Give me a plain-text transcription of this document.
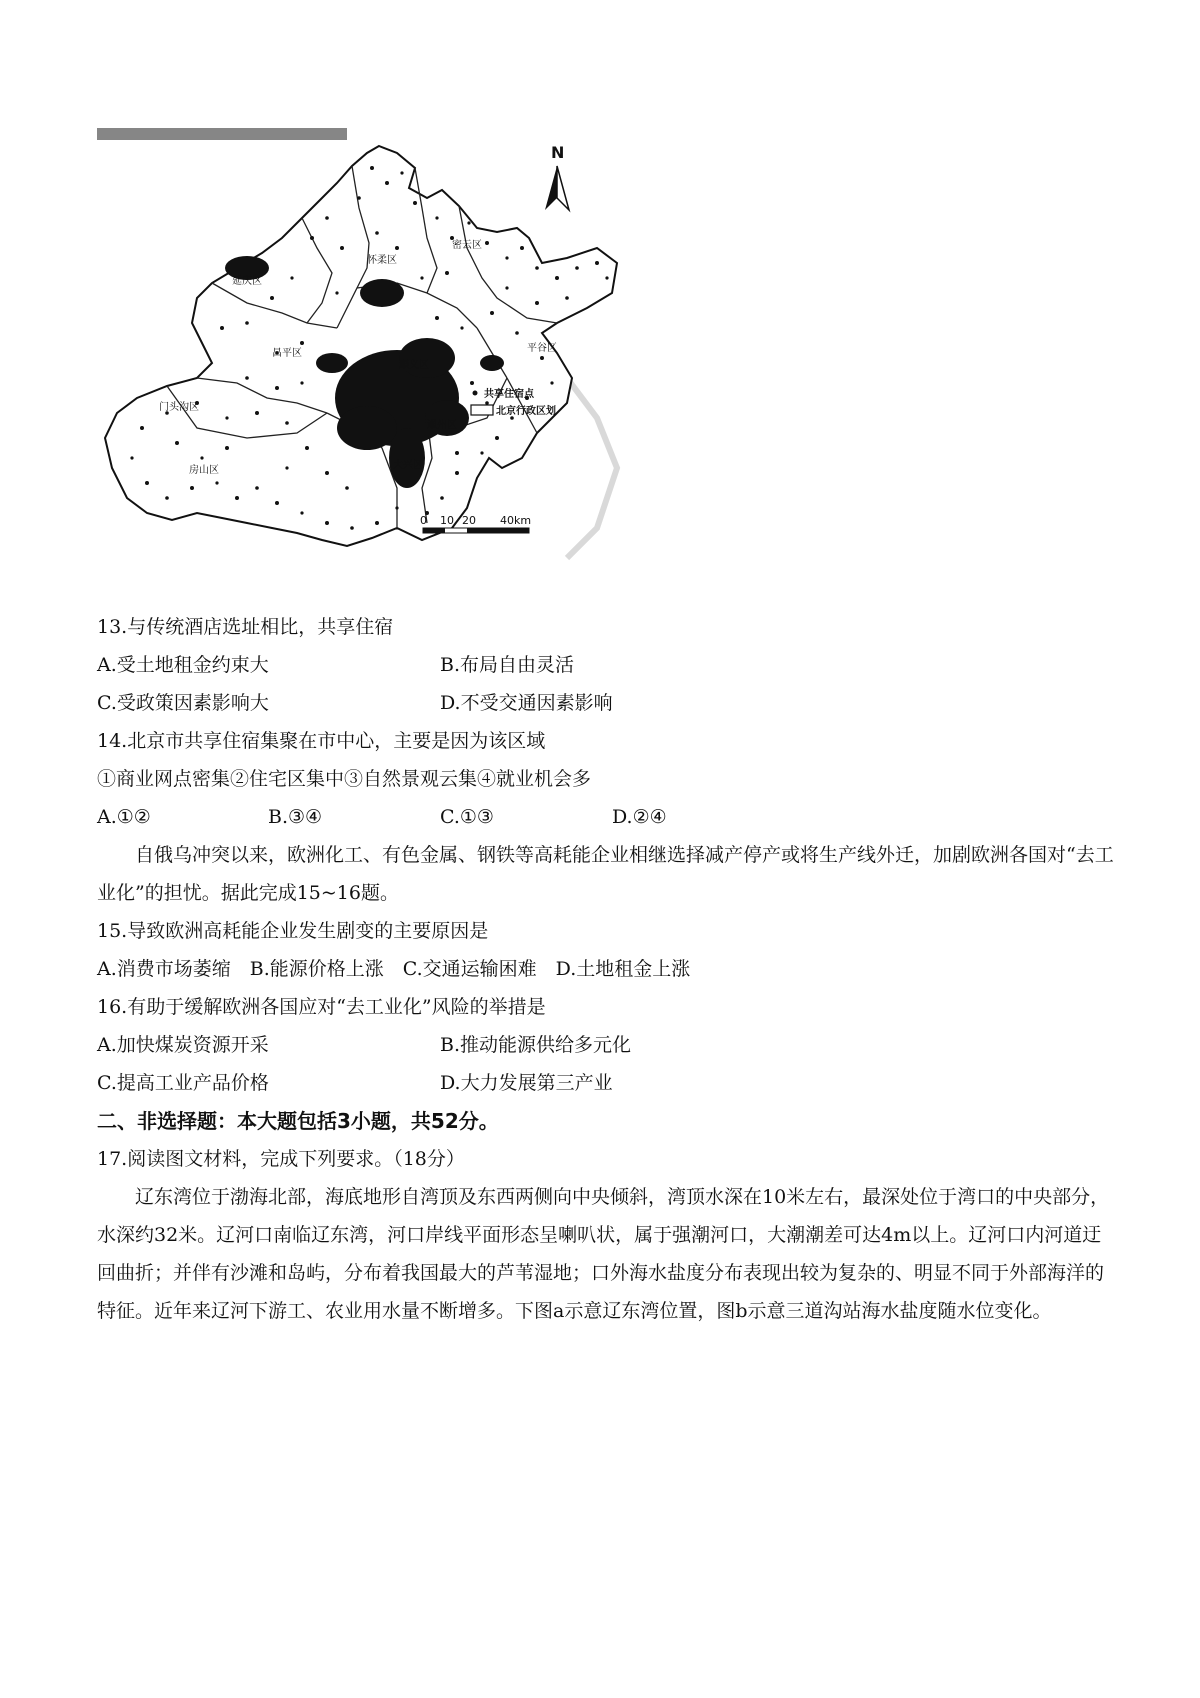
怀柔区
密云区
延庆区
平谷区
昌平区
顺义区
门头沟区
通州区
房山区	大兴区
N
共享住宿点
北京行政区划
0 10 20 40km
13.与传统酒店选址相比，共享住宿
A.受土地租金约束大	B.布局自由灵活
C.受政策因素影响大	D.不受交通因素影响
14.北京市共享住宿集聚在市中心，主要是因为该区域
①商业网点密集②住宅区集中③自然景观云集④就业机会多
A.①②	B.③④	C.①③	D.②④
自俄乌冲突以来，欧洲化工、有色金属、钢铁等高耗能企业相继选择减产停产或将生产线外迁，加剧欧洲各国对“去工业化”的担忧。据此完成15~16题。
15.导致欧洲高耗能企业发生剧变的主要原因是
A.消费市场萎缩　B.能源价格上涨　C.交通运输困难　D.土地租金上涨
16.有助于缓解欧洲各国应对“去工业化”风险的举措是
A.加快煤炭资源开采	B.推动能源供给多元化
C.提高工业产品价格	D.大力发展第三产业
二、非选择题：本大题包括3小题，共52分。
17.阅读图文材料，完成下列要求。（18分）
辽东湾位于渤海北部，海底地形自湾顶及东西两侧向中央倾斜，湾顶水深在10米左右，最深处位于湾口的中央部分，水深约32米。辽河口南临辽东湾，河口岸线平面形态呈喇叭状，属于强潮河口，大潮潮差可达4m以上。辽河口内河道迂回曲折；并伴有沙滩和岛屿，分布着我国最大的芦苇湿地；口外海水盐度分布表现出较为复杂的、明显不同于外部海洋的特征。近年来辽河下游工、农业用水量不断增多。下图a示意辽东湾位置，图b示意三道沟站海水盐度随水位变化。
